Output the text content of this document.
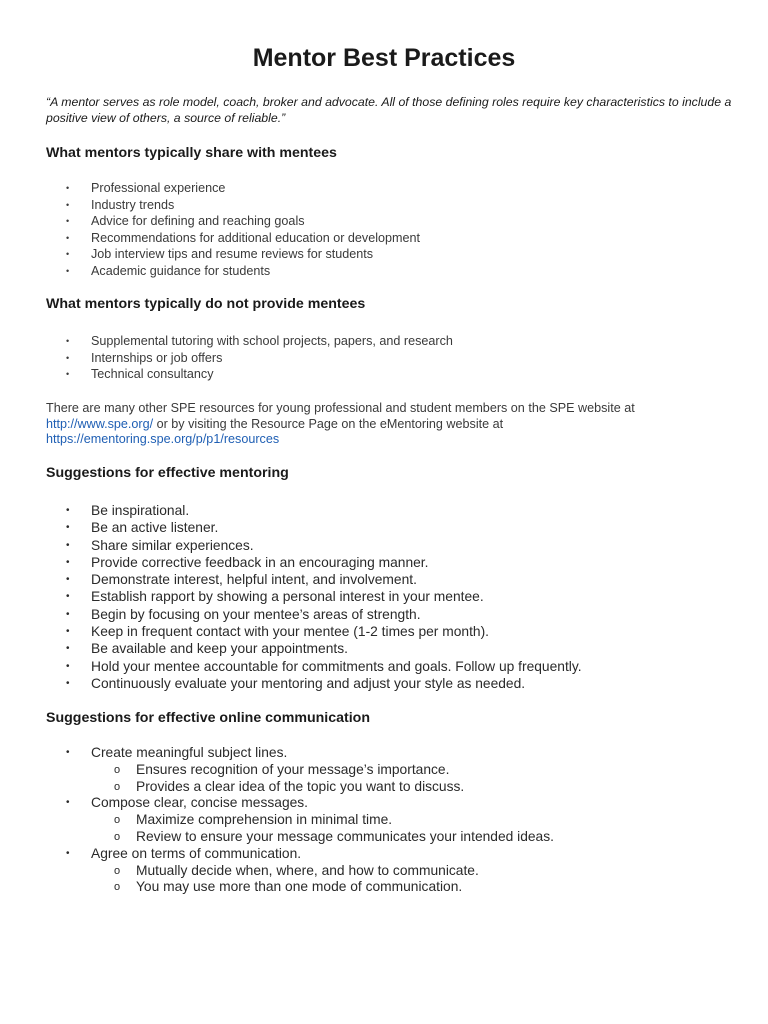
Mentor Best Practices

“A mentor serves as role model, coach, broker and advocate. All of those defining roles require key characteristics to include a positive view of others, a source of reliable.”

What mentors typically share with mentees
• Professional experience
• Industry trends
• Advice for defining and reaching goals
• Recommendations for additional education or development
• Job interview tips and resume reviews for students
• Academic guidance for students
What mentors typically do not provide mentees
• Supplemental tutoring with school projects, papers, and research
• Internships or job offers
• Technical consultancy

There are many other SPE resources for young professional and student members on the SPE website at
http://www.spe.org/ or by visiting the Resource Page on the eMentoring website at
https://ementoring.spe.org/p/p1/resources

Suggestions for effective mentoring
• Be inspirational.
• Be an active listener.
• Share similar experiences.
• Provide corrective feedback in an encouraging manner.
• Demonstrate interest, helpful intent, and involvement.
• Establish rapport by showing a personal interest in your mentee.
• Begin by focusing on your mentee’s areas of strength.
• Keep in frequent contact with your mentee (1-2 times per month).
• Be available and keep your appointments.
• Hold your mentee accountable for commitments and goals. Follow up frequently.
• Continuously evaluate your mentoring and adjust your style as needed.
Suggestions for effective online communication
• Create meaningful subject lines.
o Ensures recognition of your message’s importance.
o Provides a clear idea of the topic you want to discuss.
• Compose clear, concise messages.
o Maximize comprehension in minimal time.
o Review to ensure your message communicates your intended ideas.
• Agree on terms of communication.
o Mutually decide when, where, and how to communicate.
o You may use more than one mode of communication.
